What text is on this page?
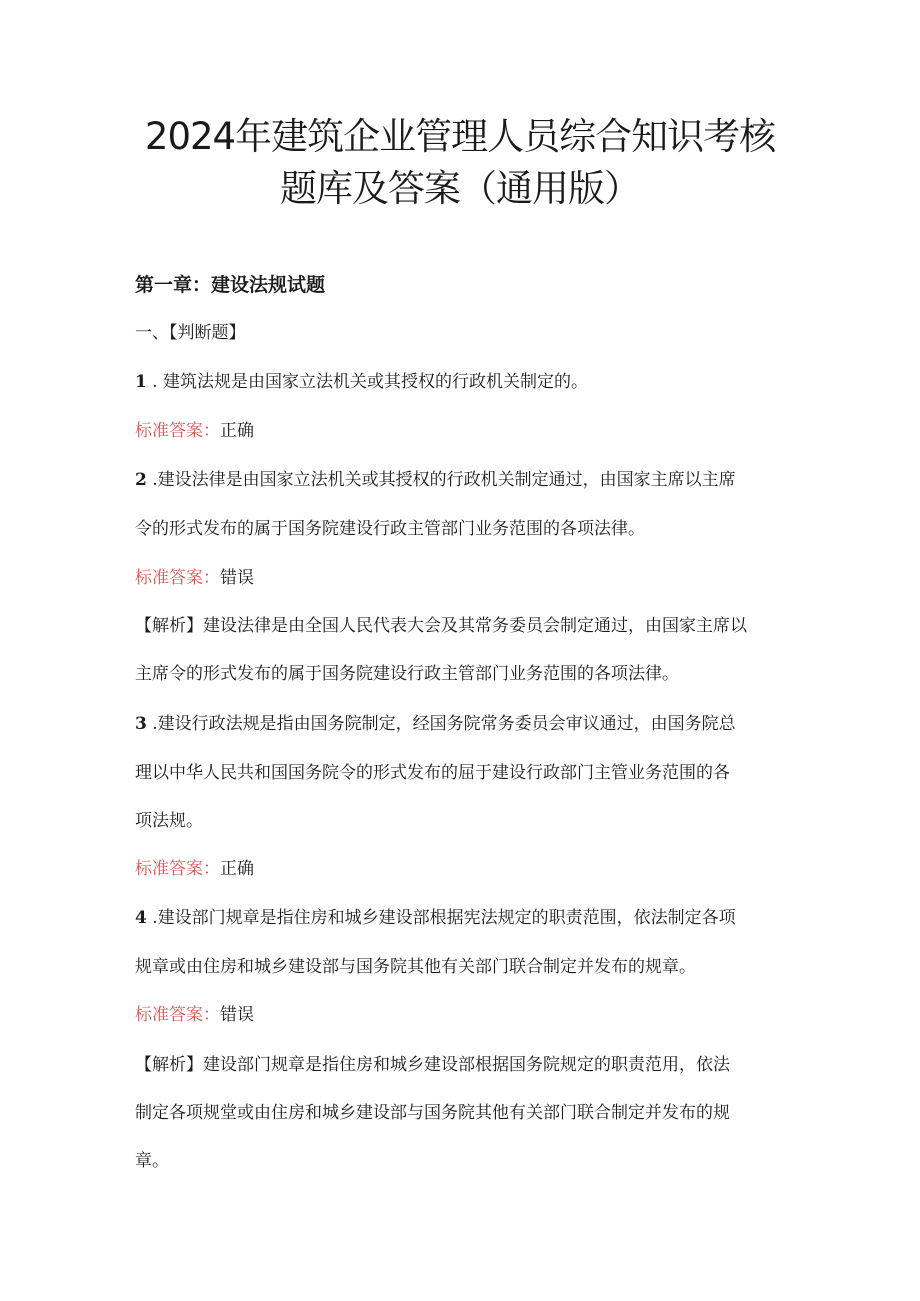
2024年建筑企业管理人员综合知识考核
题库及答案（通用版）
第一章：建设法规试题
一、【判断题】
1 . 建筑法规是由国家立法机关或其授权的行政机关制定的。
标准答案：正确
2 .建设法律是由国家立法机关或其授权的行政机关制定通过，由国家主席以主席
令的形式发布的属于国务院建设行政主管部门业务范围的各项法律。
标准答案：错误
【解析】建设法律是由全国人民代表大会及其常务委员会制定通过，由国家主席以
主席令的形式发布的属于国务院建设行政主管部门业务范围的各项法律。
3 .建设行政法规是指由国务院制定，经国务院常务委员会审议通过，由国务院总
理以中华人民共和国国务院令的形式发布的屈于建设行政部门主管业务范围的各
项法规。
标准答案：正确
4 .建设部门规章是指住房和城乡建设部根据宪法规定的职责范围，依法制定各项
规章或由住房和城乡建设部与国务院其他有关部门联合制定并发布的规章。
标准答案：错误
【解析】建设部门规章是指住房和城乡建设部根据国务院规定的职责范用，依法
制定各项规堂或由住房和城乡建设部与国务院其他有关部门联合制定并发布的规
章。
